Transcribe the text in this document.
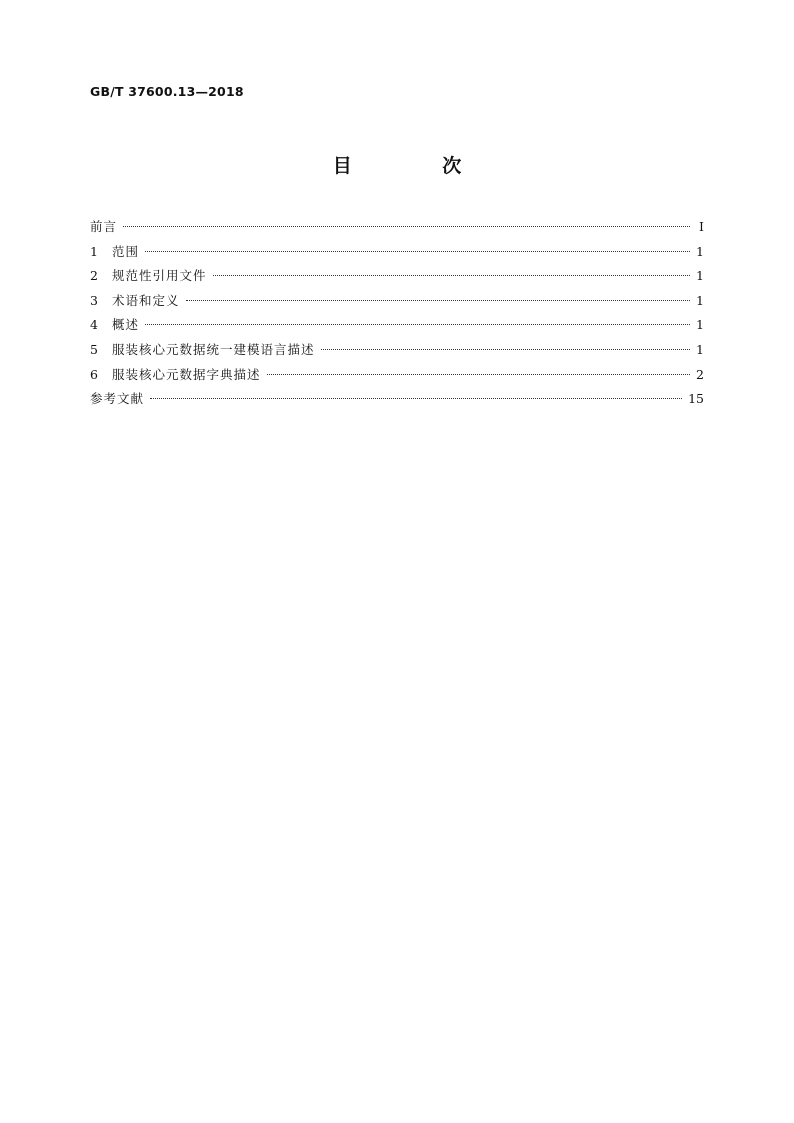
GB/T 37600.13—2018
目 次
前言	Ⅰ
1	范围	1
2	规范性引用文件	1
3	术语和定义	1
4	概述	1
5	服装核心元数据统一建模语言描述	1
6	服装核心元数据字典描述	2
参考文献	15
